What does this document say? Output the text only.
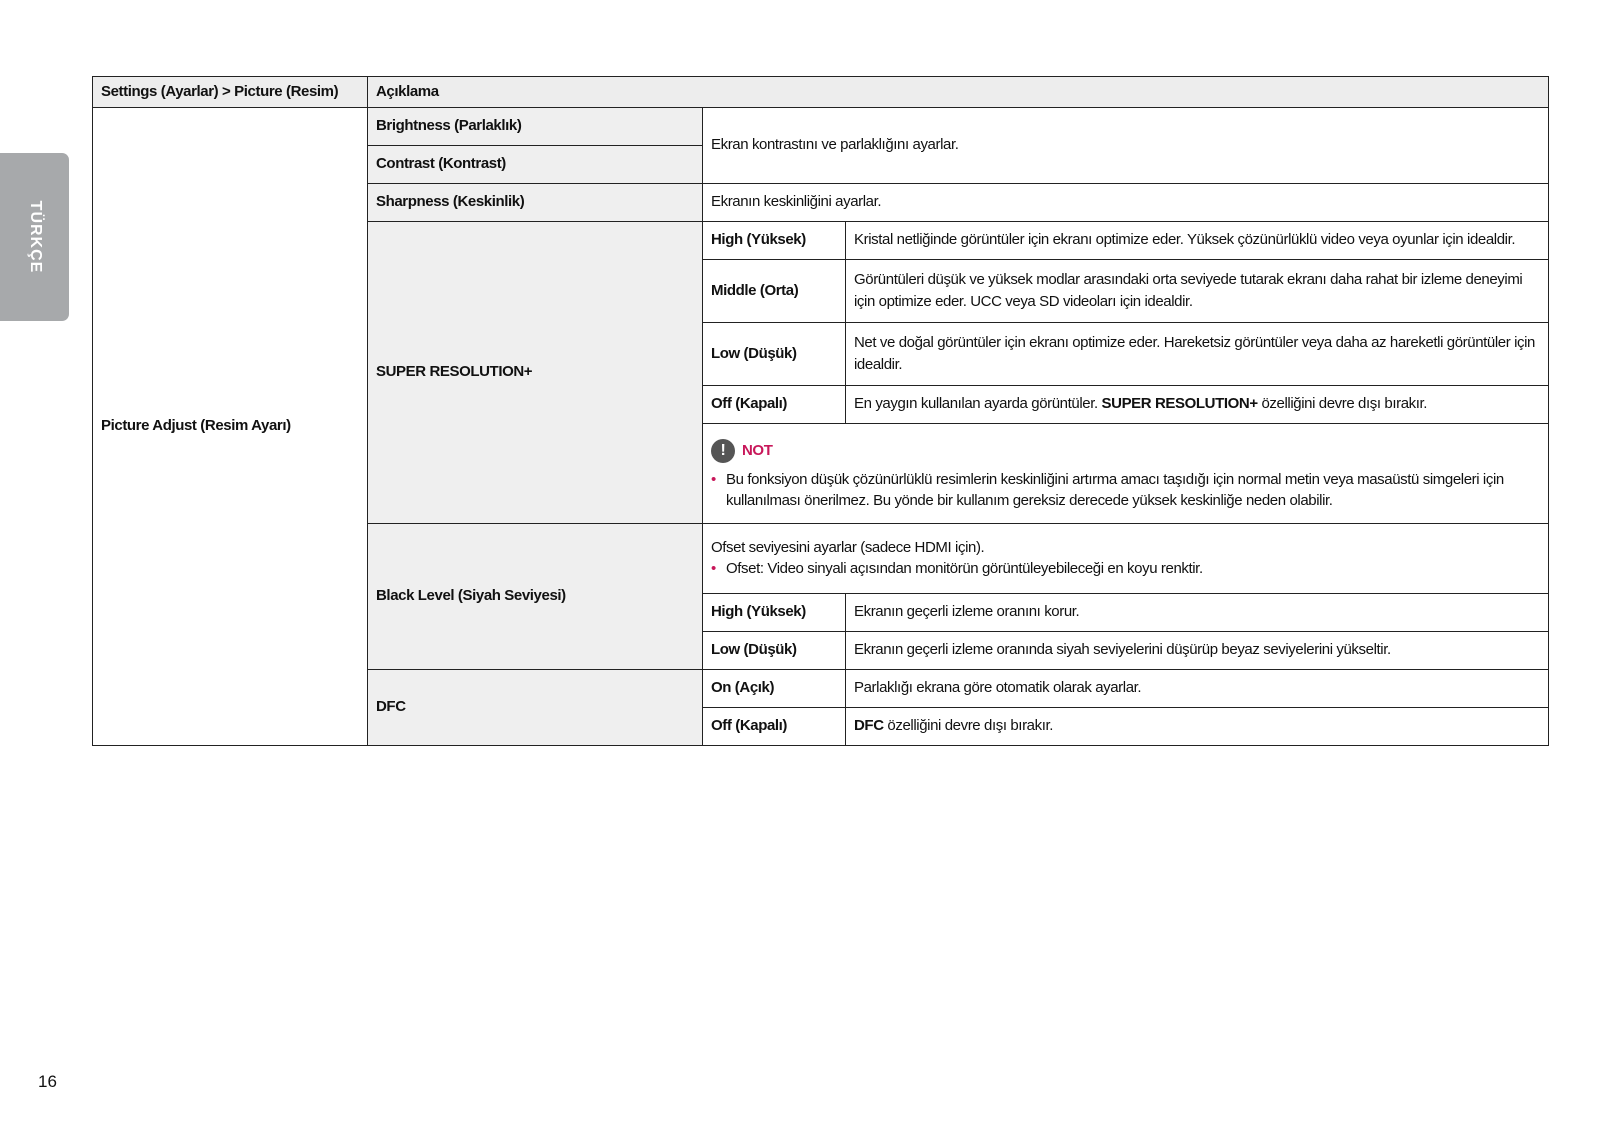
TÜRKÇE
Settings (Ayarlar) > Picture (Resim)	Açıklama		
Picture Adjust (Resim Ayarı)	Brightness (Parlaklık)	Ekran kontrastını ve parlaklığını ayarlar.	
	Contrast (Kontrast)		
	Sharpness (Keskinlik)	Ekranın keskinliğini ayarlar.	
	SUPER RESOLUTION+	High (Yüksek)	Kristal netliğinde görüntüler için ekranı optimize eder. Yüksek çözünürlüklü video veya oyunlar için idealdir.
		Middle (Orta)	Görüntüleri düşük ve yüksek modlar arasındaki orta seviyede tutarak ekranı daha rahat bir izleme deneyimi için optimize eder. UCC veya SD videoları için idealdir.
		Low (Düşük)	Net ve doğal görüntüler için ekranı optimize eder. Hareketsiz görüntüler veya daha az hareketli görüntüler için idealdir.
		Off (Kapalı)	En yaygın kullanılan ayarda görüntüler. SUPER RESOLUTION+ özelliğini devre dışı bırakır.

! NOT
• Bu fonksiyon düşük çözünürlüklü resimlerin keskinliğini artırma amacı taşıdığı için normal metin veya masaüstü simgeleri için kullanılması önerilmez. Bu yönde bir kullanım gereksiz derecede yüksek keskinliğe neden olabilir.	

	Black Level (Siyah Seviyesi)	Ofset seviyesini ayarlar (sadece HDMI için).
• Ofset: Video sinyali açısından monitörün görüntüleyebileceği en koyu renktir.	

		High (Yüksek)	Ekranın geçerli izleme oranını korur.
		Low (Düşük)	Ekranın geçerli izleme oranında siyah seviyelerini düşürüp beyaz seviyelerini yükseltir.
	DFC	On (Açık)	Parlaklığı ekrana göre otomatik olarak ayarlar.
		Off (Kapalı)	DFC özelliğini devre dışı bırakır.
16
